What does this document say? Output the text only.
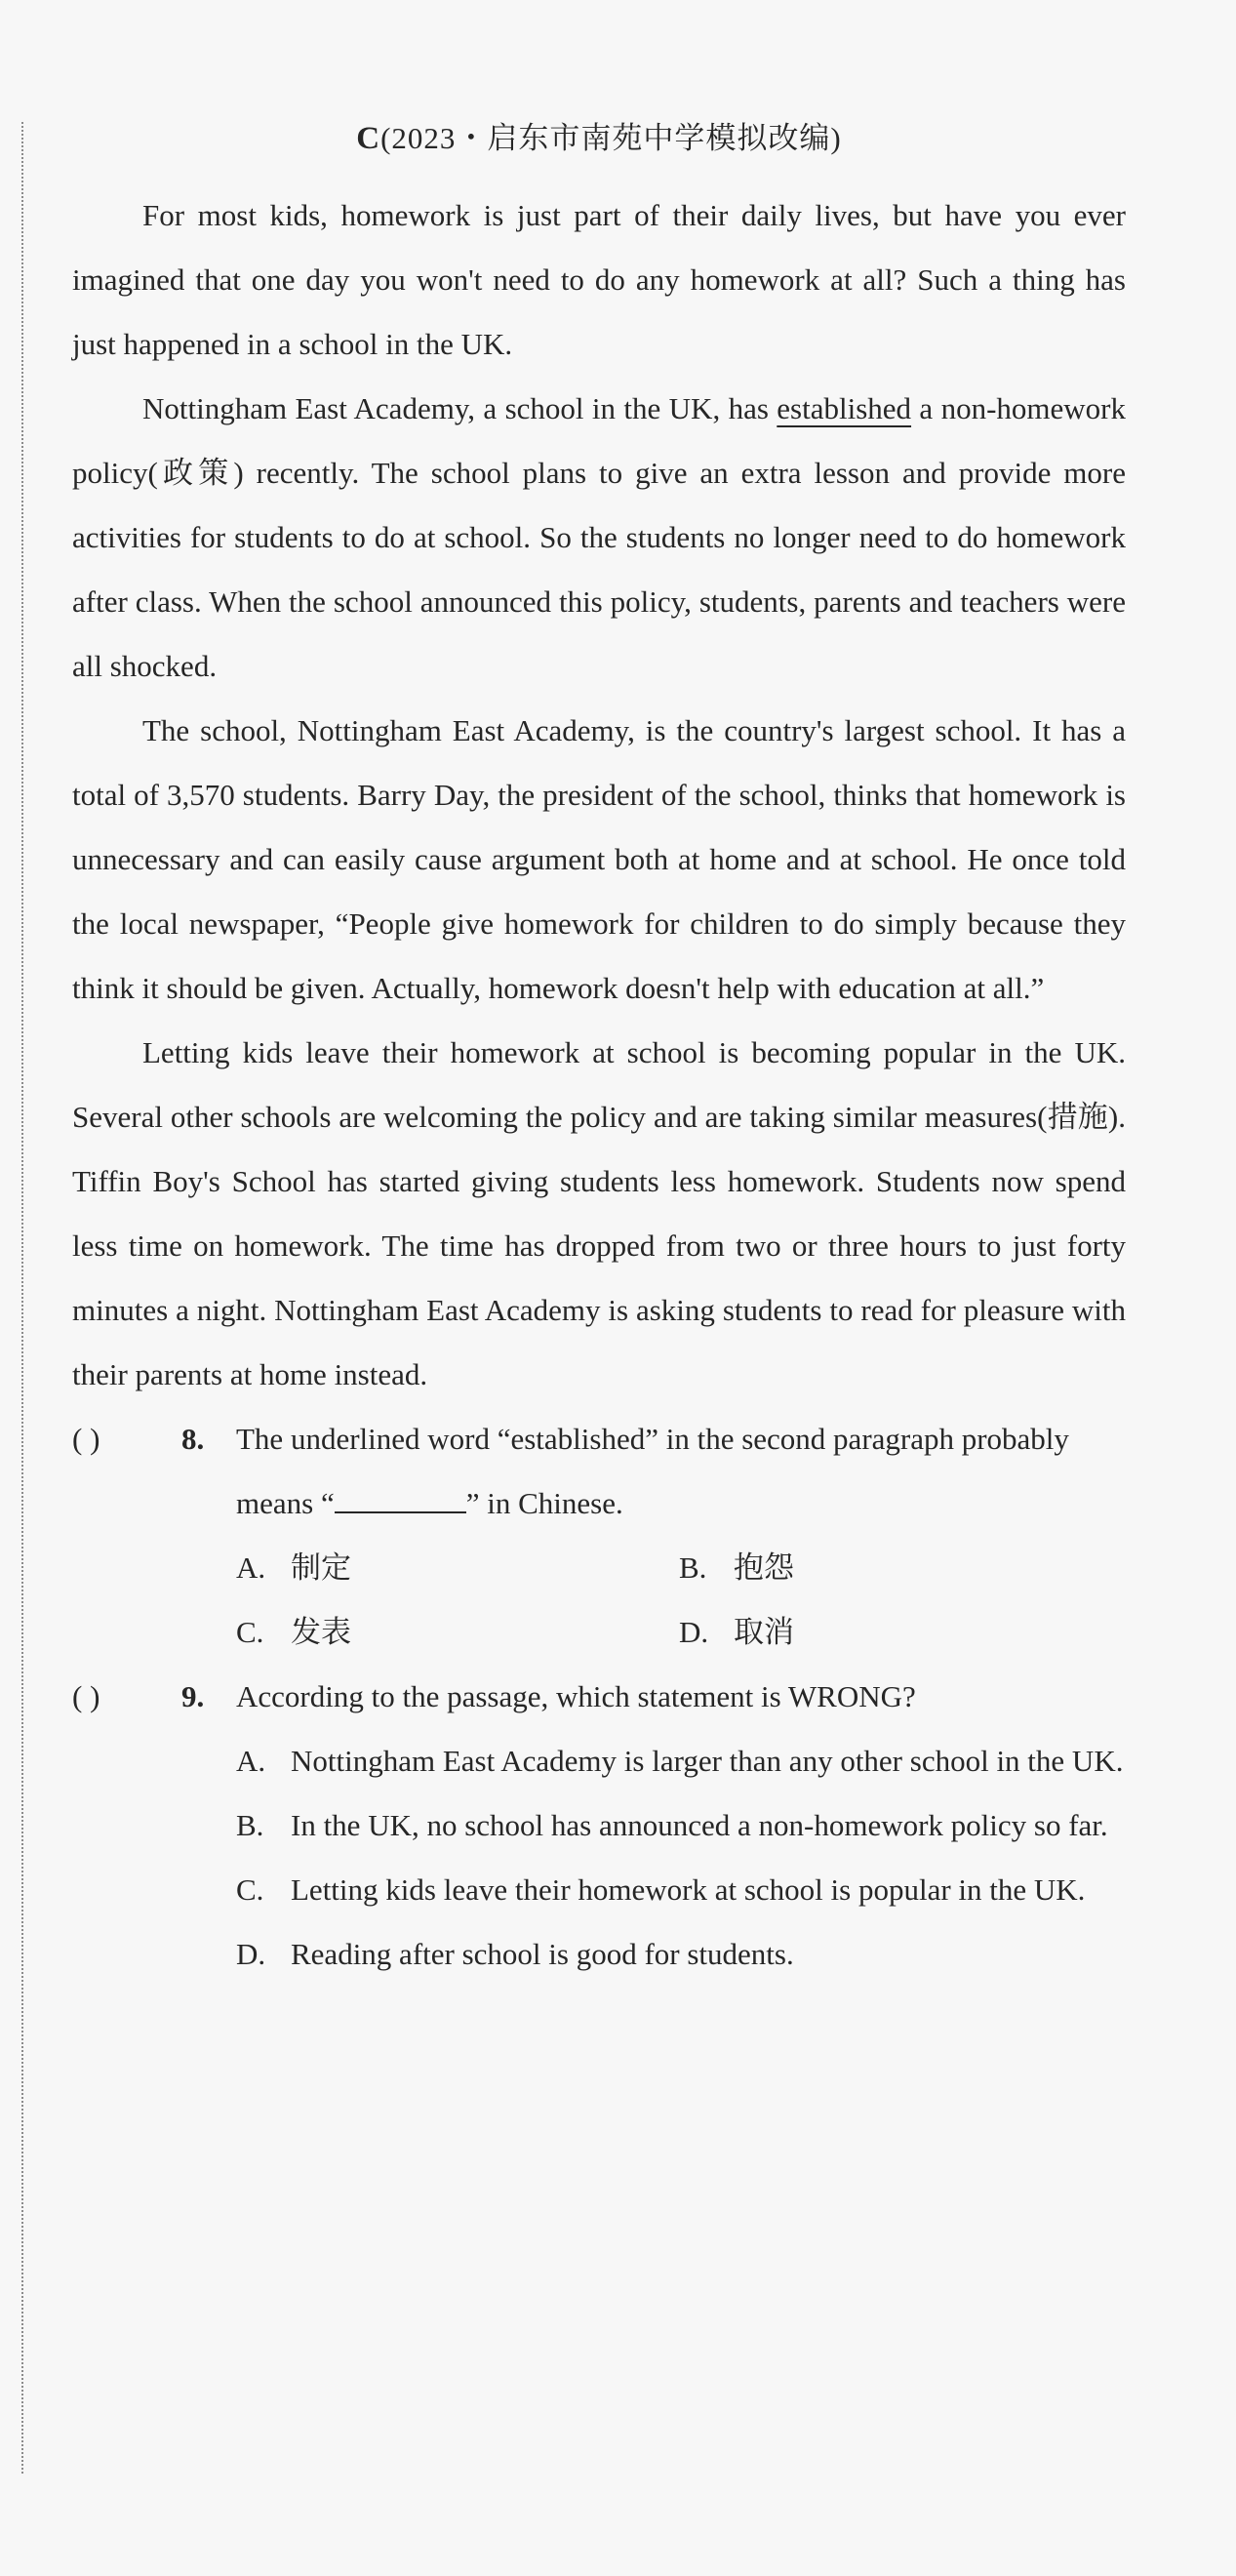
C(2023・启东市南苑中学模拟改编)

For most kids, homework is just part of their daily lives, but have you ever imagined that one day you won't need to do any homework at all? Such a thing has just happened in a school in the UK.

Nottingham East Academy, a school in the UK, has established a non-homework policy(政策) recently. The school plans to give an extra lesson and provide more activities for students to do at school. So the students no longer need to do homework after class. When the school announced this policy, students, parents and teachers were all shocked.

The school, Nottingham East Academy, is the country's largest school. It has a total of 3,570 students. Barry Day, the president of the school, thinks that homework is unnecessary and can easily cause argument both at home and at school. He once told the local newspaper, “People give homework for children to do simply because they think it should be given. Actually, homework doesn't help with education at all.”

Letting kids leave their homework at school is becoming popular in the UK. Several other schools are welcoming the policy and are taking similar measures(措施). Tiffin Boy's School has started giving students less homework. Students now spend less time on homework. The time has dropped from two or three hours to just forty minutes a night. Nottingham East Academy is asking students to read for pleasure with their parents at home instead.

( )	8.	The underlined word “established” in the second paragraph probably means “	” in Chinese.
A. 制定	B. 抱怨
C. 发表	D. 取消
( )	9.	According to the passage, which statement is WRONG?
A. Nottingham East Academy is larger than any other school in the UK.
B. In the UK, no school has announced a non-homework policy so far.
C. Letting kids leave their homework at school is popular in the UK.
D. Reading after school is good for students.
